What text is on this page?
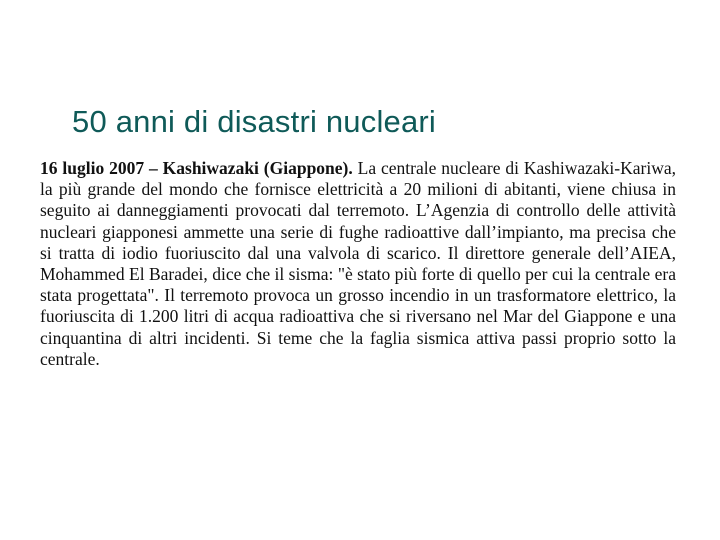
50 anni di disastri nucleari

16 luglio 2007 – Kashiwazaki (Giappone). La centrale nucleare di Kashiwazaki-Kariwa, la più grande del mondo che fornisce elettricità a 20 milioni di abitanti, viene chiusa in seguito ai danneggiamenti provocati dal terremoto. L’Agenzia di controllo delle attività nucleari giapponesi ammette una serie di fughe radioattive dall’impianto, ma precisa che si tratta di iodio fuoriuscito dal una valvola di scarico. Il direttore generale dell’AIEA, Mohammed El Baradei, dice che il sisma: "è stato più forte di quello per cui la centrale era stata progettata". Il terremoto provoca un grosso incendio in un trasformatore elettrico, la fuoriuscita di 1.200 litri di acqua radioattiva che si riversano nel Mar del Giappone e una cinquantina di altri incidenti. Si teme che la faglia sismica attiva passi proprio sotto la centrale.
